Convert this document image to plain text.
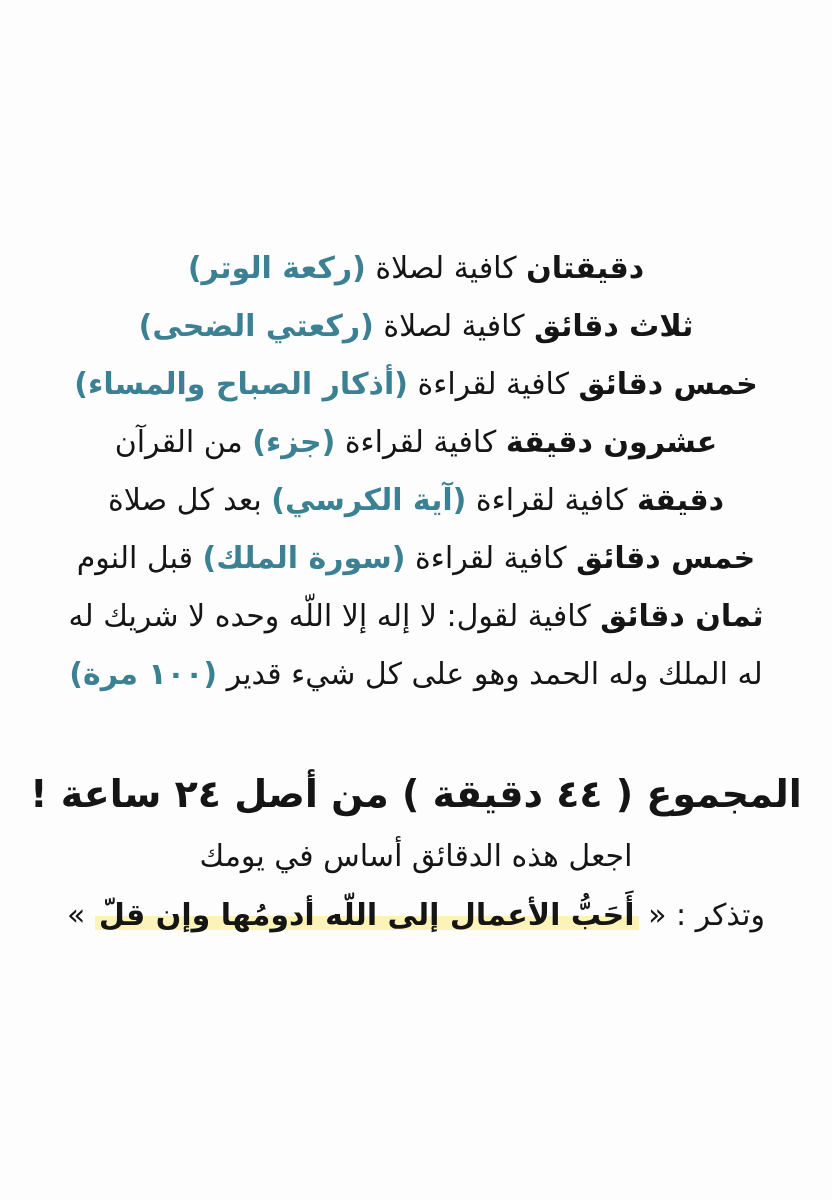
دقيقتان كافية لصلاة (ركعة الوتر)
ثلاث دقائق كافية لصلاة (ركعتي الضحى)
خمس دقائق كافية لقراءة (أذكار الصباح والمساء)
عشرون دقيقة كافية لقراءة (جزء) من القرآن
دقيقة كافية لقراءة (آية الكرسي) بعد كل صلاة
خمس دقائق كافية لقراءة (سورة الملك) قبل النوم
ثمان دقائق كافية لقول: لا إله إلا اللّه وحده لا شريك له
له الملك وله الحمد وهو على كل شيء قدير (١٠٠ مرة)
المجموع ( ٤٤ دقيقة ) من أصل ٢٤ ساعة !
اجعل هذه الدقائق أساس في يومك
وتذكر : « أَحَبُّ الأعمال إلى اللّه أدومُها وإن قلّ »
